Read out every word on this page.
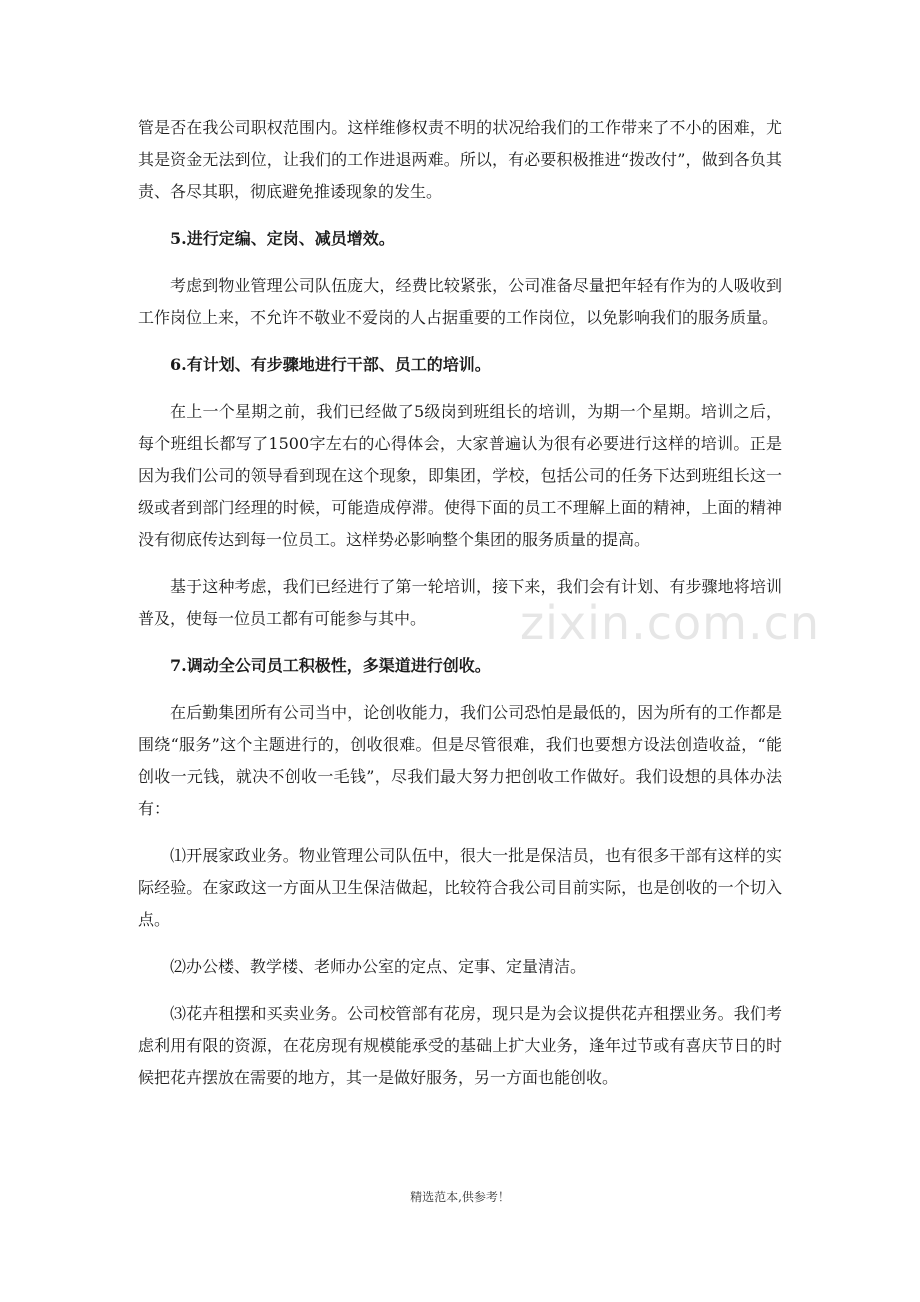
zixin.com.cn

管是否在我公司职权范围内。这样维修权责不明的状况给我们的工作带来了不小的困难，尤其是资金无法到位，让我们的工作进退两难。所以，有必要积极推进“拨改付”，做到各负其责、各尽其职，彻底避免推诿现象的发生。

5.进行定编、定岗、减员增效。

考虑到物业管理公司队伍庞大，经费比较紧张，公司准备尽量把年轻有作为的人吸收到工作岗位上来，不允许不敬业不爱岗的人占据重要的工作岗位，以免影响我们的服务质量。

6.有计划、有步骤地进行干部、员工的培训。

在上一个星期之前，我们已经做了5级岗到班组长的培训，为期一个星期。培训之后，每个班组长都写了1500字左右的心得体会，大家普遍认为很有必要进行这样的培训。正是因为我们公司的领导看到现在这个现象，即集团，学校，包括公司的任务下达到班组长这一级或者到部门经理的时候，可能造成停滞。使得下面的员工不理解上面的精神，上面的精神没有彻底传达到每一位员工。这样势必影响整个集团的服务质量的提高。

基于这种考虑，我们已经进行了第一轮培训，接下来，我们会有计划、有步骤地将培训普及，使每一位员工都有可能参与其中。

7.调动全公司员工积极性，多渠道进行创收。

在后勤集团所有公司当中，论创收能力，我们公司恐怕是最低的，因为所有的工作都是围绕“服务”这个主题进行的，创收很难。但是尽管很难，我们也要想方设法创造收益，“能创收一元钱，就决不创收一毛钱”，尽我们最大努力把创收工作做好。我们设想的具体办法有：

⑴开展家政业务。物业管理公司队伍中，很大一批是保洁员，也有很多干部有这样的实际经验。在家政这一方面从卫生保洁做起，比较符合我公司目前实际，也是创收的一个切入点。

⑵办公楼、教学楼、老师办公室的定点、定事、定量清洁。

⑶花卉租摆和买卖业务。公司校管部有花房，现只是为会议提供花卉租摆业务。我们考虑利用有限的资源，在花房现有规模能承受的基础上扩大业务，逢年过节或有喜庆节日的时候把花卉摆放在需要的地方，其一是做好服务，另一方面也能创收。

精选范本,供参考！
